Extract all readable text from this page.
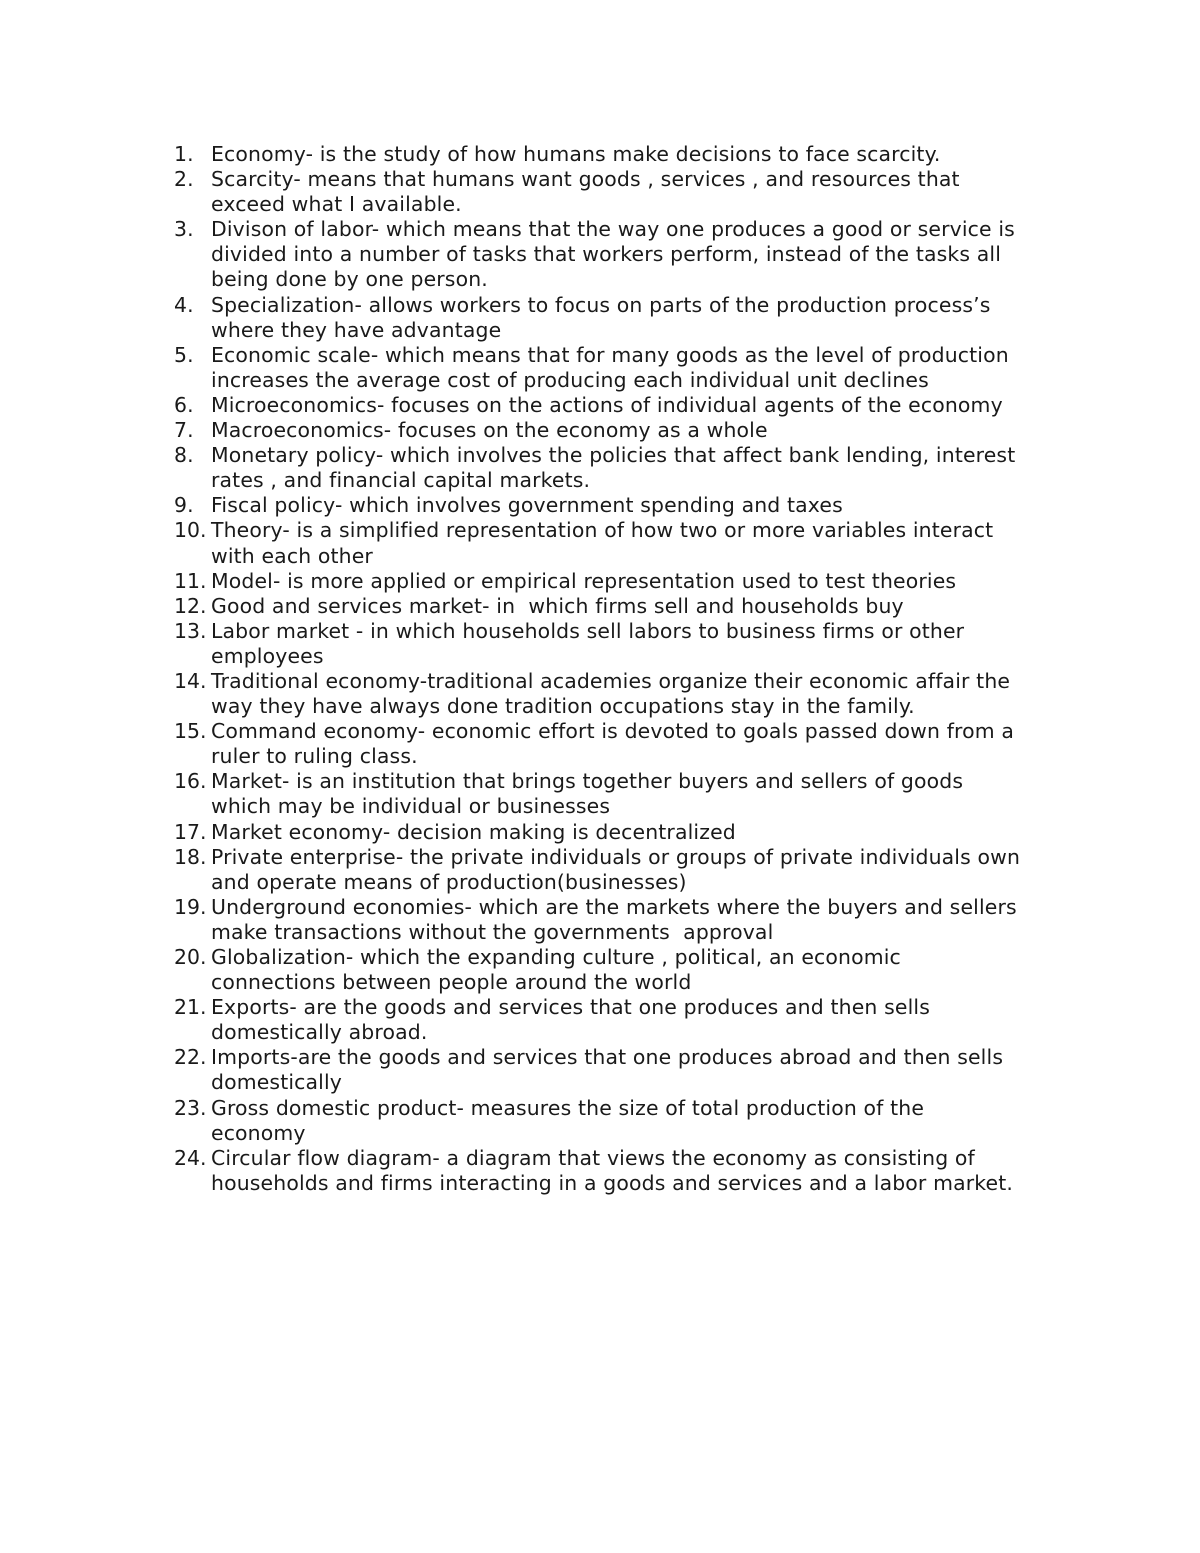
1. Economy- is the study of how humans make decisions to face scarcity.
2. Scarcity- means that humans want goods , services , and resources that
exceed what I available.
3. Divison of labor- which means that the way one produces a good or service is
divided into a number of tasks that workers perform, instead of the tasks all
being done by one person.
4. Specialization- allows workers to focus on parts of the production process’s
where they have advantage
5. Economic scale- which means that for many goods as the level of production
increases the average cost of producing each individual unit declines
6. Microeconomics- focuses on the actions of individual agents of the economy
7. Macroeconomics- focuses on the economy as a whole
8. Monetary policy- which involves the policies that affect bank lending, interest
rates , and financial capital markets.
9. Fiscal policy- which involves government spending and taxes
10. Theory- is a simplified representation of how two or more variables interact
with each other
11. Model- is more applied or empirical representation used to test theories
12. Good and services market- in  which firms sell and households buy
13. Labor market - in which households sell labors to business firms or other
employees
14. Traditional economy-traditional academies organize their economic affair the
way they have always done tradition occupations stay in the family.
15. Command economy- economic effort is devoted to goals passed down from a
ruler to ruling class.
16. Market- is an institution that brings together buyers and sellers of goods
which may be individual or businesses
17. Market economy- decision making is decentralized
18. Private enterprise- the private individuals or groups of private individuals own
and operate means of production(businesses)
19. Underground economies- which are the markets where the buyers and sellers
make transactions without the governments  approval
20. Globalization- which the expanding culture , political, an economic
connections between people around the world
21. Exports- are the goods and services that one produces and then sells
domestically abroad.
22. Imports-are the goods and services that one produces abroad and then sells
domestically
23. Gross domestic product- measures the size of total production of the
economy
24. Circular flow diagram- a diagram that views the economy as consisting of
households and firms interacting in a goods and services and a labor market.
